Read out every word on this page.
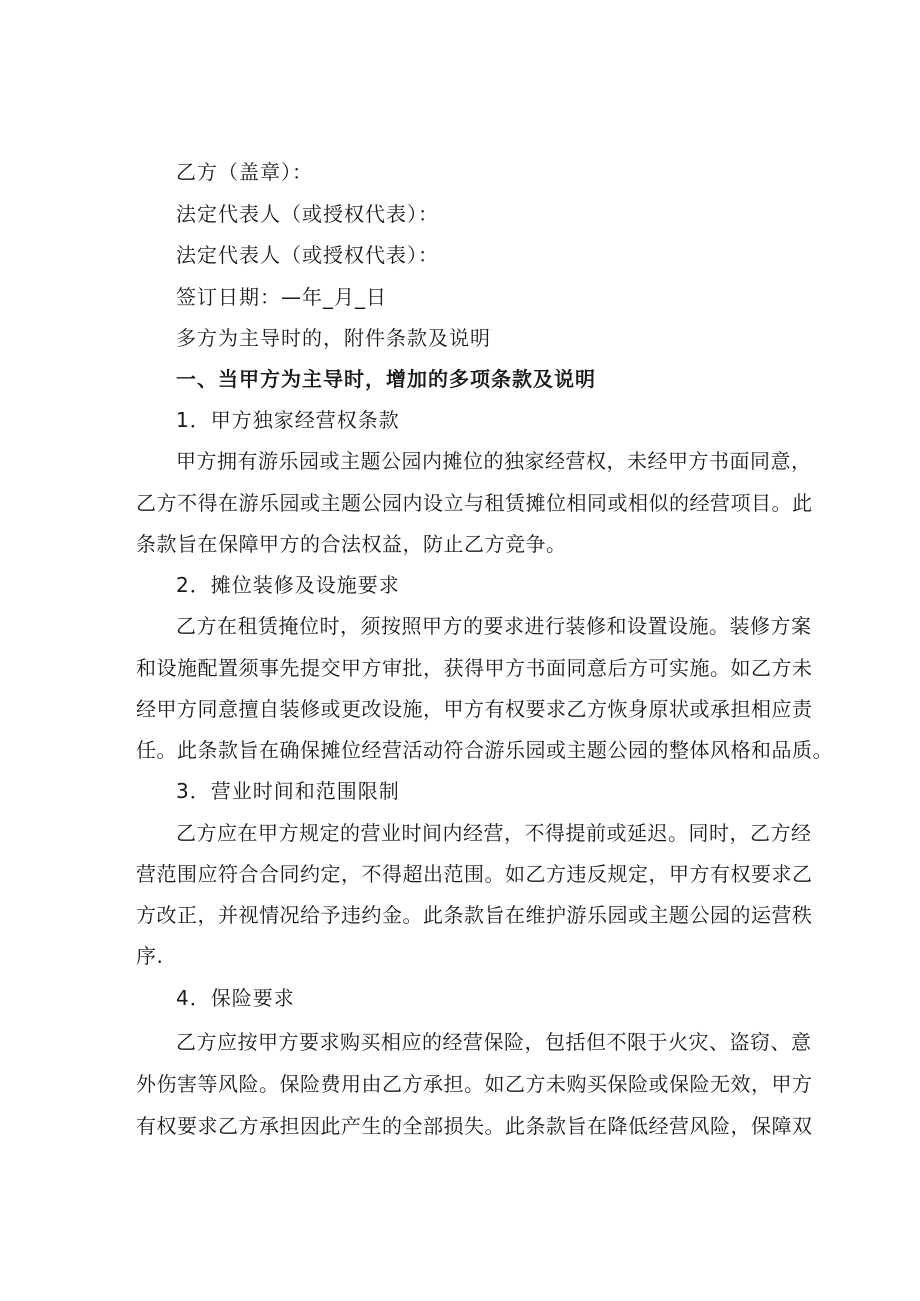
乙方（盖章）：
法定代表人（或授权代表）：
法定代表人（或授权代表）：
签订日期：—年_月_日
多方为主导时的，附件条款及说明
一、当甲方为主导时，增加的多项条款及说明
1．甲方独家经营权条款
甲方拥有游乐园或主题公园内摊位的独家经营权，未经甲方书面同意，
乙方不得在游乐园或主题公园内设立与租赁摊位相同或相似的经营项目。此
条款旨在保障甲方的合法权益，防止乙方竞争。
2．摊位装修及设施要求
乙方在租赁掩位时，须按照甲方的要求进行装修和设置设施。装修方案
和设施配置须事先提交甲方审批，获得甲方书面同意后方可实施。如乙方未
经甲方同意擅自装修或更改设施，甲方有权要求乙方恢身原状或承担相应责
任。此条款旨在确保摊位经营活动符合游乐园或主题公园的整体风格和品质。
3．营业时间和范围限制
乙方应在甲方规定的营业时间内经营，不得提前或延迟。同时，乙方经
营范围应符合合同约定，不得超出范围。如乙方违反规定，甲方有权要求乙
方改正，并视情况给予违约金。此条款旨在维护游乐园或主题公园的运营秩
序.
4．保险要求
乙方应按甲方要求购买相应的经营保险，包括但不限于火灾、盗窃、意
外伤害等风险。保险费用由乙方承担。如乙方未购买保险或保险无效，甲方
有权要求乙方承担因此产生的全部损失。此条款旨在降低经营风险，保障双
